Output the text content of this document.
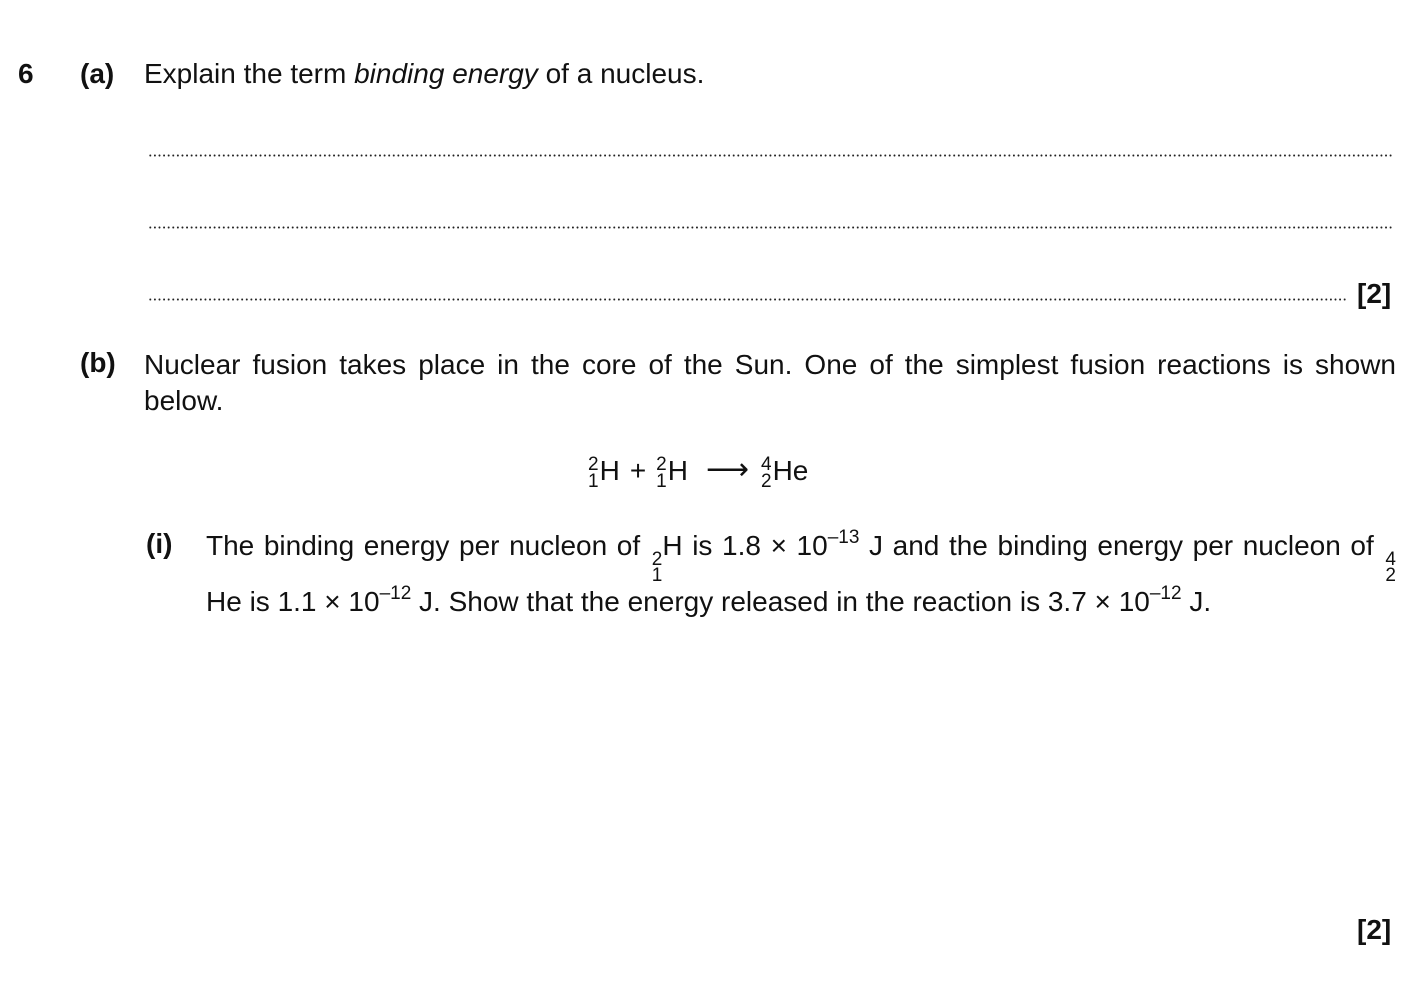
6 (a) Explain the term binding energy of a nucleus.
[2]
(b) Nuclear fusion takes place in the core of the Sun. One of the simplest fusion reactions is shown below.
2
1 H + 2
1 H ⟶ 4
2 He
(i) The binding energy per nucleon of 2
1
H is $1.8 \times 10^{-13}$ J and the binding energy per nucleon of 4
2
He is $1.1 \times 10^{-12}$ J. Show that the energy released in the reaction is $3.7 \times 10^{-12}$ J.
[2]
